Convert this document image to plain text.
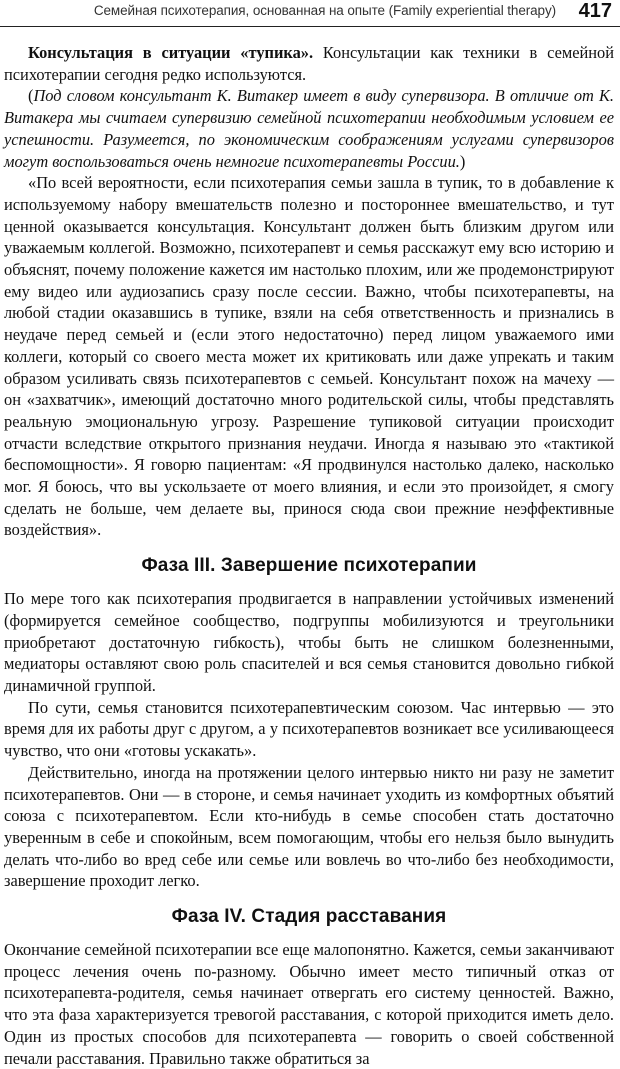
Семейная психотерапия, основанная на опыте (Family experiential therapy) 417

Консультация в ситуации «тупика». Консультации как техники в семейной психотерапии сегодня редко используются.

(Под словом консультант К. Витакер имеет в виду супервизора. В отличие от К. Витакера мы считаем супервизию семейной психотерапии необходимым условием ее успешности. Разумеется, по экономическим соображениям услугами супервизоров могут воспользоваться очень немногие психотерапевты России.)

«По всей вероятности, если психотерапия семьи зашла в тупик, то в добавление к используемому набору вмешательств полезно и постороннее вмешательство, и тут ценной оказывается консультация. Консультант должен быть близким другом или уважаемым коллегой. Возможно, психотерапевт и семья расскажут ему всю историю и объяснят, почему положение кажется им настолько плохим, или же продемонстрируют ему видео или аудиозапись сразу после сессии. Важно, чтобы психотерапевты, на любой стадии оказавшись в тупике, взяли на себя ответственность и признались в неудаче перед семьей и (если этого недостаточно) перед лицом уважаемого ими коллеги, который со своего места может их критиковать или даже упрекать и таким образом усиливать связь психотерапевтов с семьей. Консультант похож на мачеху — он «захватчик», имеющий достаточно много родительской силы, чтобы представлять реальную эмоциональную угрозу. Разрешение тупиковой ситуации происходит отчасти вследствие открытого признания неудачи. Иногда я называю это «тактикой беспомощности». Я говорю пациентам: «Я продвинулся настолько далеко, насколько мог. Я боюсь, что вы ускользаете от моего влияния, и если это произойдет, я смогу сделать не больше, чем делаете вы, принося сюда свои прежние неэффективные воздействия».

Фаза III. Завершение психотерапии

По мере того как психотерапия продвигается в направлении устойчивых изменений (формируется семейное сообщество, подгруппы мобилизуются и треугольники приобретают достаточную гибкость), чтобы быть не слишком болезненными, медиаторы оставляют свою роль спасителей и вся семья становится довольно гибкой динамичной группой.

По сути, семья становится психотерапевтическим союзом. Час интервью — это время для их работы друг с другом, а у психотерапевтов возникает все усиливающееся чувство, что они «готовы ускакать».

Действительно, иногда на протяжении целого интервью никто ни разу не заметит психотерапевтов. Они — в стороне, и семья начинает уходить из комфортных объятий союза с психотерапевтом. Если кто-нибудь в семье способен стать достаточно уверенным в себе и спокойным, всем помогающим, чтобы его нельзя было вынудить делать что-либо во вред себе или семье или вовлечь во что-либо без необходимости, завершение проходит легко.

Фаза IV. Стадия расставания

Окончание семейной психотерапии все еще малопонятно. Кажется, семьи заканчивают процесс лечения очень по-разному. Обычно имеет место типичный отказ от психотерапевта-родителя, семья начинает отвергать его систему ценностей. Важно, что эта фаза характеризуется тревогой расставания, с которой приходится иметь дело. Один из простых способов для психотерапевта — говорить о своей собственной печали расставания. Правильно также обратиться за
